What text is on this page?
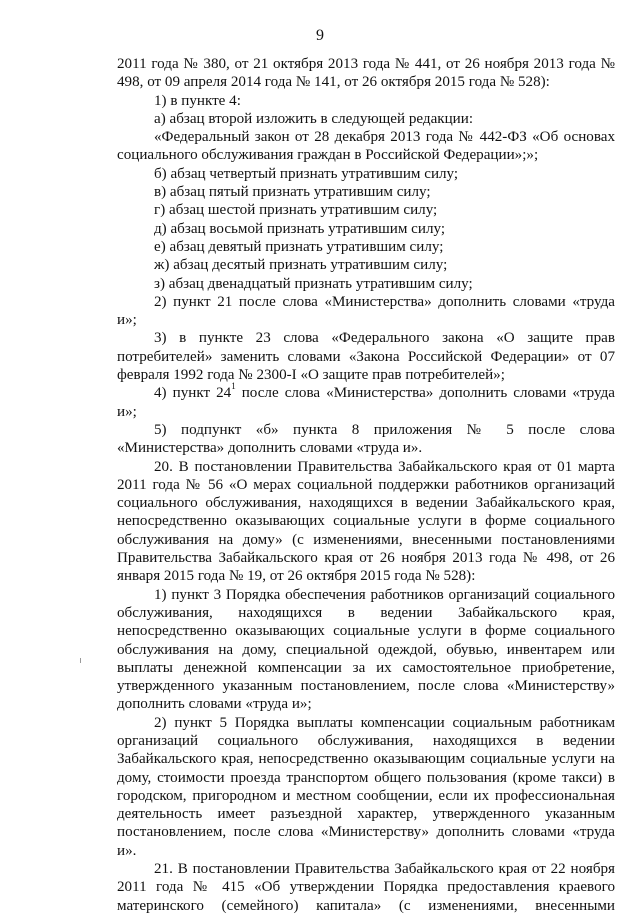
9

2011 года № 380, от 21 октября 2013 года № 441, от 26 ноября 2013 года № 498, от 09 апреля 2014 года № 141, от 26 октября 2015 года № 528):

1) в пункте 4:

а) абзац второй изложить в следующей редакции:

«Федеральный закон от 28 декабря 2013 года № 442-ФЗ «Об основах социального обслуживания граждан в Российской Федерации»;»;

б) абзац четвертый признать утратившим силу;

в) абзац пятый признать утратившим силу;

г) абзац шестой признать утратившим силу;

д) абзац восьмой признать утратившим силу;

е) абзац девятый признать утратившим силу;

ж) абзац десятый признать утратившим силу;

з) абзац двенадцатый признать утратившим силу;

2) пункт 21 после слова «Министерства» дополнить словами «труда и»;

3) в пункте 23 слова «Федерального закона «О защите прав потребителей» заменить словами «Закона Российской Федерации» от 07 февраля 1992 года № 2300-I «О защите прав потребителей»;

4) пункт $24^1$ после слова «Министерства» дополнить словами «труда и»;

5) подпункт «б» пункта 8 приложения № 5 после слова «Министерства» дополнить словами «труда и».

20. В постановлении Правительства Забайкальского края от 01 марта 2011 года № 56 «О мерах социальной поддержки работников организаций социального обслуживания, находящихся в ведении Забайкальского края, непосредственно оказывающих социальные услуги в форме социального обслуживания на дому» (с изменениями, внесенными постановлениями Правительства Забайкальского края от 26 ноября 2013 года № 498, от 26 января 2015 года № 19, от 26 октября 2015 года № 528):

1) пункт 3 Порядка обеспечения работников организаций социального обслуживания, находящихся в ведении Забайкальского края, непосредственно оказывающих социальные услуги в форме социального обслуживания на дому, специальной одеждой, обувью, инвентарем или выплаты денежной компенсации за их самостоятельное приобретение, утвержденного указанным постановлением, после слова «Министерству» дополнить словами «труда и»;

2) пункт 5 Порядка выплаты компенсации социальным работникам организаций социального обслуживания, находящихся в ведении Забайкальского края, непосредственно оказывающим социальные услуги на дому, стоимости проезда транспортом общего пользования (кроме такси) в городском, пригородном и местном сообщении, если их профессиональная деятельность имеет разъездной характер, утвержденного указанным постановлением, после слова «Министерству» дополнить словами «труда и».

21. В постановлении Правительства Забайкальского края от 22 ноября 2011 года № 415 «Об утверждении Порядка предоставления краевого материнского (семейного) капитала» (с изменениями, внесенными
